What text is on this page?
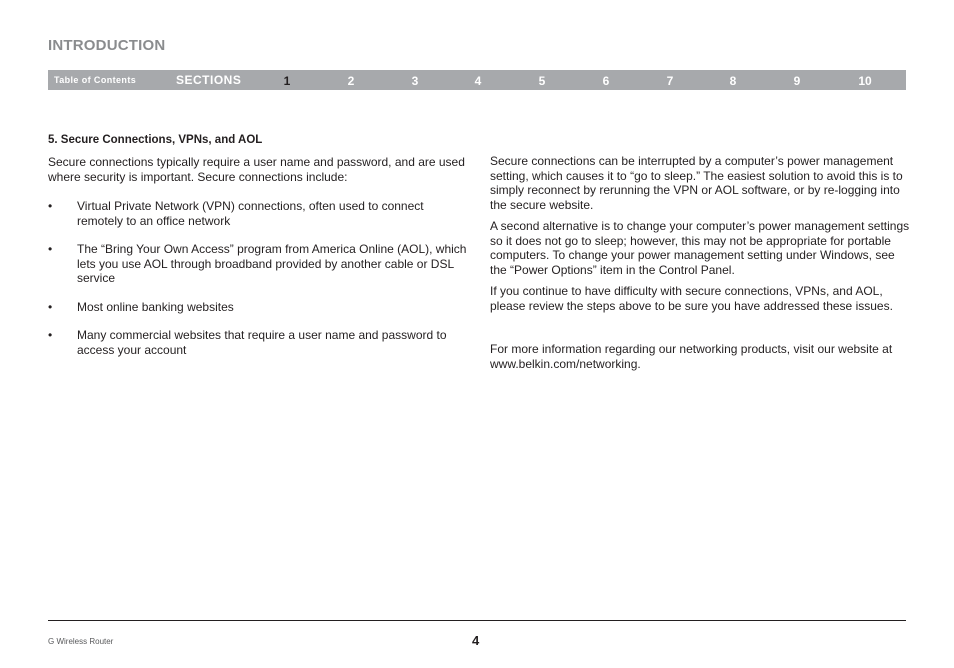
INTRODUCTION
Table of Contents	SECTIONS	1	2	3	4	5	6	7	8	9	10
5. Secure Connections, VPNs, and AOL

Secure connections typically require a user name and password, and are used where security is important. Secure connections include:

• Virtual Private Network (VPN) connections, often used to connect remotely to an office network
• The “Bring Your Own Access” program from America Online (AOL), which lets you use AOL through broadband provided by another cable or DSL service
• Most online banking websites
• Many commercial websites that require a user name and password to access your account

Secure connections can be interrupted by a computer’s power management setting, which causes it to “go to sleep.” The easiest solution to avoid this is to simply reconnect by rerunning the VPN or AOL software, or by re-logging into the secure website.

A second alternative is to change your computer’s power management settings so it does not go to sleep; however, this may not be appropriate for portable computers. To change your power management setting under Windows, see the “Power Options” item in the Control Panel.

If you continue to have difficulty with secure connections, VPNs, and AOL, please review the steps above to be sure you have addressed these issues.

For more information regarding our networking products, visit our website at www.belkin.com/networking.

G Wireless Router	4
